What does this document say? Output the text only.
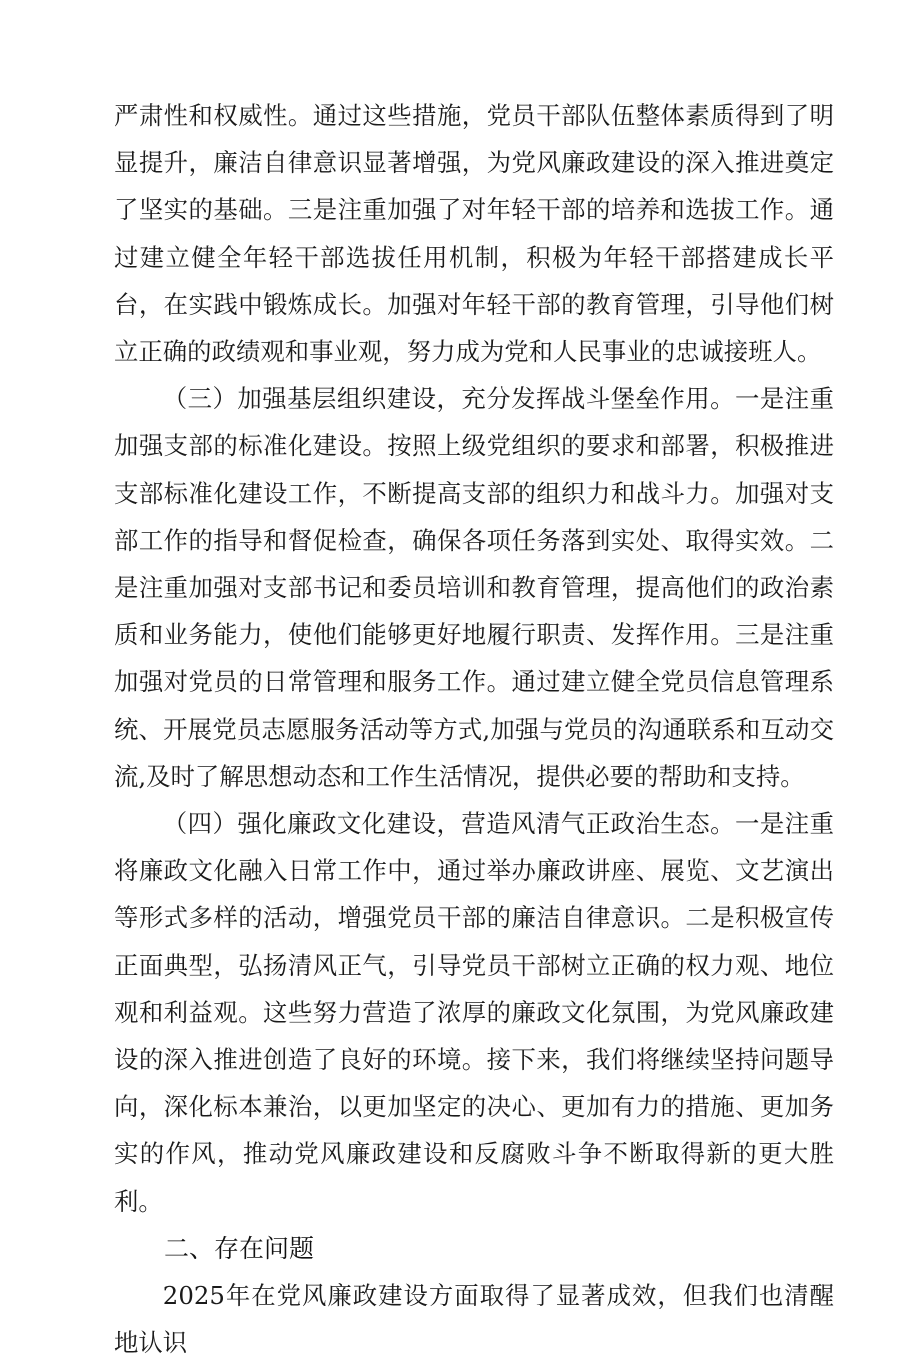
严肃性和权威性。通过这些措施，党员干部队伍整体素质得到了明显提升，廉洁自律意识显著增强，为党风廉政建设的深入推进奠定了坚实的基础。三是注重加强了对年轻干部的培养和选拔工作。通过建立健全年轻干部选拔任用机制，积极为年轻干部搭建成长平台，在实践中锻炼成长。加强对年轻干部的教育管理，引导他们树立正确的政绩观和事业观，努力成为党和人民事业的忠诚接班人。

（三）加强基层组织建设，充分发挥战斗堡垒作用。一是注重加强支部的标准化建设。按照上级党组织的要求和部署，积极推进支部标准化建设工作，不断提高支部的组织力和战斗力。加强对支部工作的指导和督促检查，确保各项任务落到实处、取得实效。二是注重加强对支部书记和委员培训和教育管理，提高他们的政治素质和业务能力，使他们能够更好地履行职责、发挥作用。三是注重加强对党员的日常管理和服务工作。通过建立健全党员信息管理系统、开展党员志愿服务活动等方式,加强与党员的沟通联系和互动交流,及时了解思想动态和工作生活情况，提供必要的帮助和支持。

（四）强化廉政文化建设，营造风清气正政治生态。一是注重将廉政文化融入日常工作中，通过举办廉政讲座、展览、文艺演出等形式多样的活动，增强党员干部的廉洁自律意识。二是积极宣传正面典型，弘扬清风正气，引导党员干部树立正确的权力观、地位观和利益观。这些努力营造了浓厚的廉政文化氛围，为党风廉政建设的深入推进创造了良好的环境。接下来，我们将继续坚持问题导向，深化标本兼治，以更加坚定的决心、更加有力的措施、更加务实的作风，推动党风廉政建设和反腐败斗争不断取得新的更大胜利。

二、存在问题

2025年在党风廉政建设方面取得了显著成效，但我们也清醒地认识
